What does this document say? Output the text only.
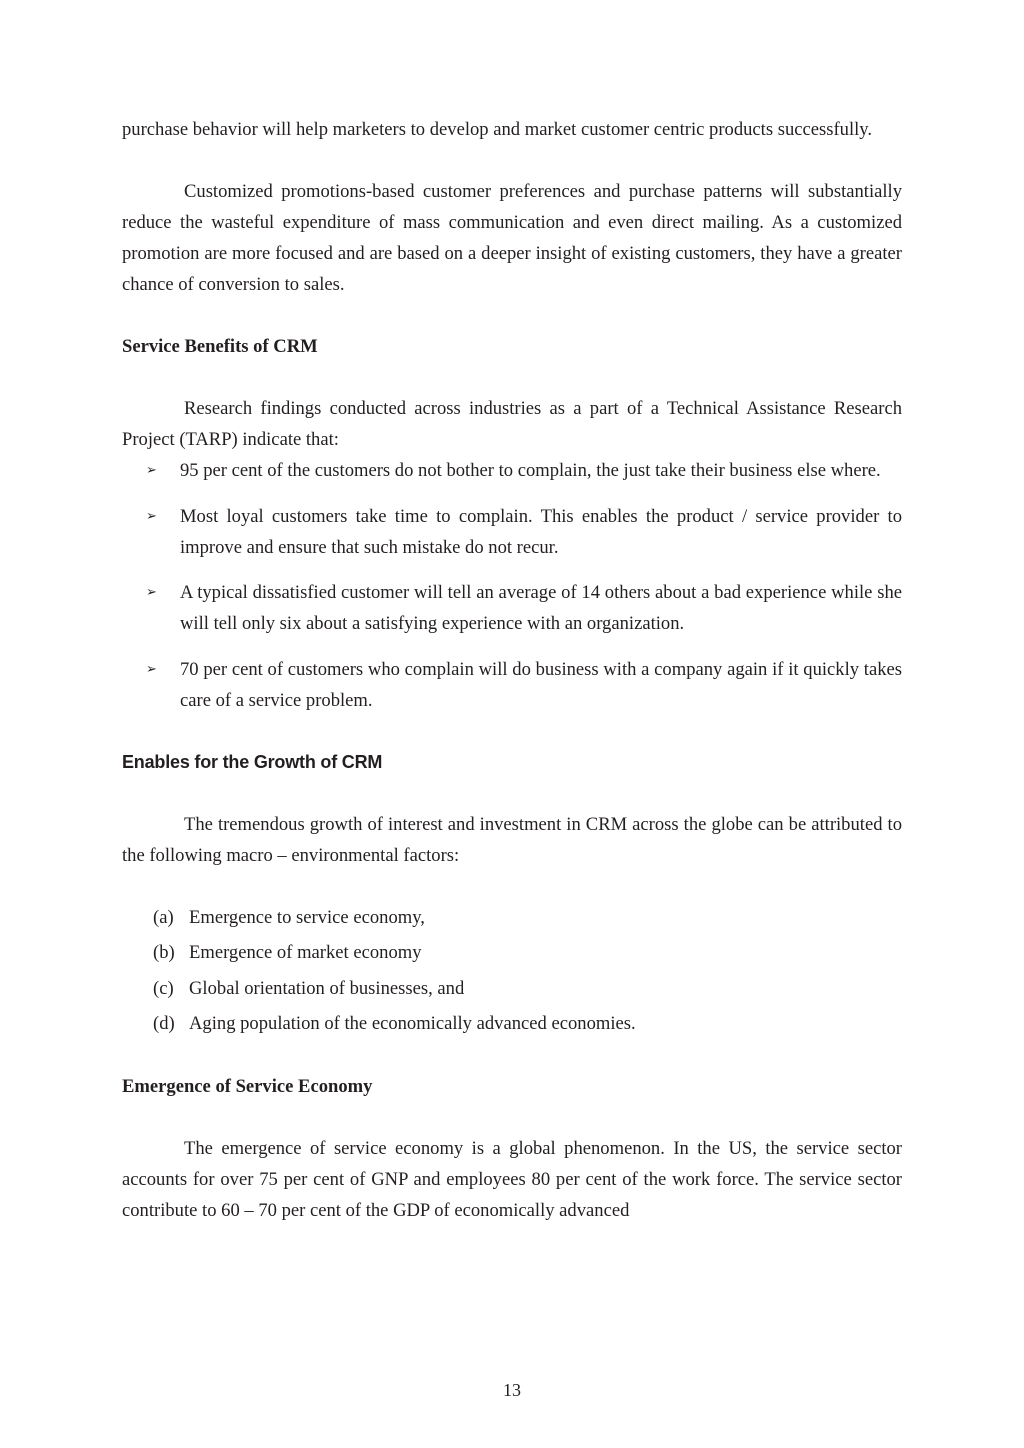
purchase behavior will help marketers to develop and market customer centric products successfully.

Customized promotions-based customer preferences and purchase patterns will substantially reduce the wasteful expenditure of mass communication and even direct mailing. As a customized promotion are more focused and are based on a deeper insight of existing customers, they have a greater chance of conversion to sales.

Service Benefits of CRM

Research findings conducted across industries as a part of a Technical Assistance Research Project (TARP) indicate that:

➢ 95 per cent of the customers do not bother to complain, the just take their business else where.
➢ Most loyal customers take time to complain. This enables the product / service provider to improve and ensure that such mistake do not recur.
➢ A typical dissatisfied customer will tell an average of 14 others about a bad experience while she will tell only six about a satisfying experience with an organization.
➢ 70 per cent of customers who complain will do business with a company again if it quickly takes care of a service problem.
Enables for the Growth of CRM

The tremendous growth of interest and investment in CRM across the globe can be attributed to the following macro – environmental factors:

(a) Emergence to service economy,
(b) Emergence of market economy
(c) Global orientation of businesses, and
(d) Aging population of the economically advanced economies.
Emergence of Service Economy

The emergence of service economy is a global phenomenon. In the US, the service sector accounts for over 75 per cent of GNP and employees 80 per cent of the work force. The service sector contribute to 60 – 70 per cent of the GDP of economically advanced

13
